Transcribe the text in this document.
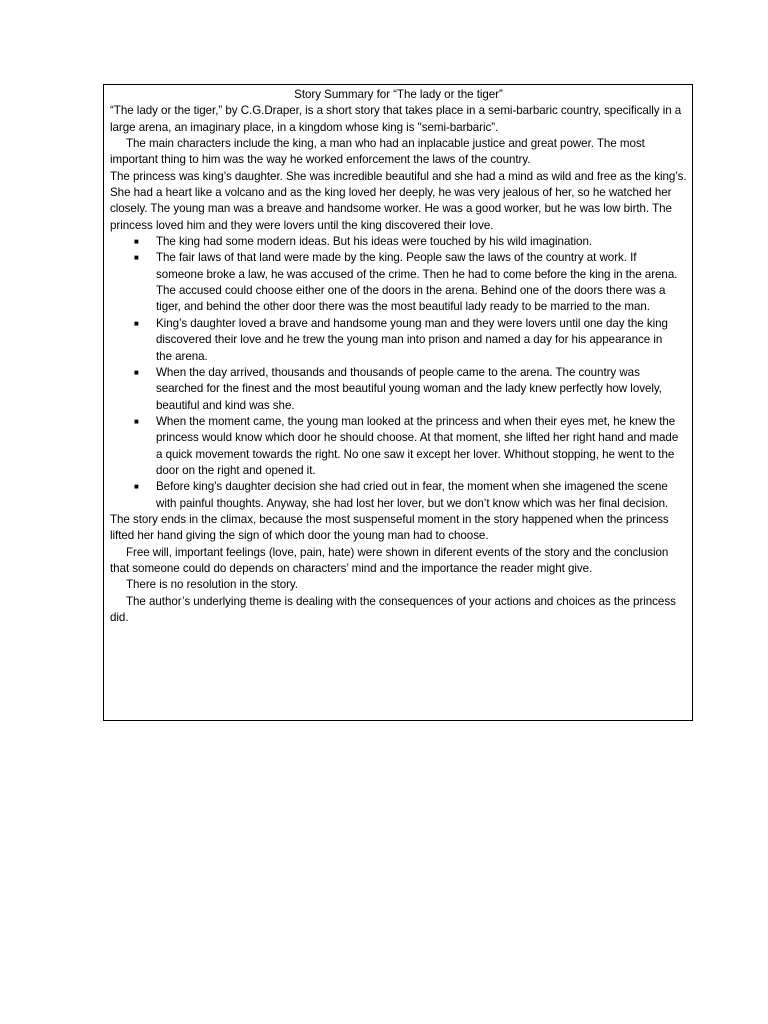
Story Summary for “The lady or the tiger”

“The lady or the tiger,” by C.G.Draper, is a short story that takes place in a semi-barbaric country, specifically in a large arena, an imaginary place, in a kingdom whose king is "semi-barbaric”.

The main characters include the king, a man who had an inplacable justice and great power. The most important thing to him was the way he worked enforcement the laws of the country.

The princess was king’s daughter. She was incredible beautiful and she had a mind as wild and free as the king’s. She had a heart like a volcano and as the king loved her deeply, he was very jealous of her, so he watched her closely. The young man was a breave and handsome worker. He was a good worker, but he was low birth. The princess loved him and they were lovers until the king discovered their love.

■ The king had some modern ideas. But his ideas were touched by his wild imagination.
■ The fair laws of that land were made by the king. People saw the laws of the country at work. If someone broke a law, he was accused of the crime. Then he had to come before the king in the arena. The accused could choose either one of the doors in the arena. Behind one of the doors there was a tiger, and behind the other door there was the most beautiful lady ready to be married to the man.
■ King’s daughter loved a brave and handsome young man and they were lovers until one day the king discovered their love and he trew the young man into prison and named a day for his appearance in the arena.
■ When the day arrived, thousands and thousands of people came to the arena. The country was searched for the finest and the most beautiful young woman and the lady knew perfectly how lovely, beautiful and kind was she.
■ When the moment came, the young man looked at the princess and when their eyes met, he knew the princess would know which door he should choose. At that moment, she lifted her right hand and made a quick movement towards the right. No one saw it except her lover. Whithout stopping, he went to the door on the right and opened it.
■ Before king’s daughter decision she had cried out in fear, the moment when she imagened the scene with painful thoughts. Anyway, she had lost her lover, but we don’t know which was her final decision.

The story ends in the climax, because the most suspenseful moment in the story happened when the princess lifted her hand giving the sign of which door the young man had to choose.

Free will, important feelings (love, pain, hate) were shown in diferent events of the story and the conclusion that someone could do depends on characters’ mind and the importance the reader might give.

There is no resolution in the story.

The author’s underlying theme is dealing with the consequences of your actions and choices as the princess did.
